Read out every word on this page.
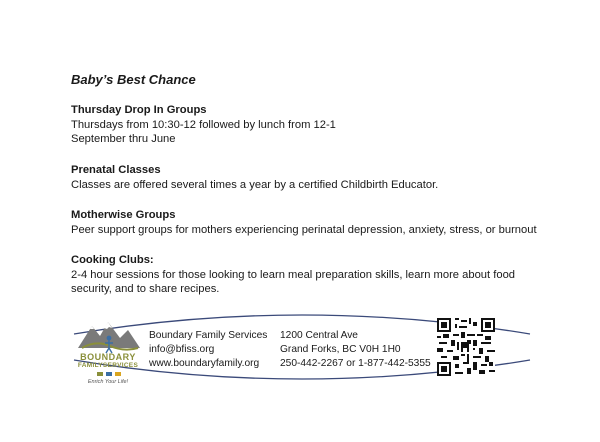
Baby’s Best Chance
Thursday Drop In Groups
Thursdays from 10:30-12 followed by lunch from 12-1
September thru June
Prenatal Classes
Classes are offered several times a year by a certified Childbirth Educator.
Motherwise Groups
Peer support groups for mothers experiencing perinatal depression, anxiety, stress, or burnout
Cooking Clubs:
2-4 hour sessions for those looking to learn meal preparation skills, learn more about food
security, and to share recipes.
BOUNDARY
FAMILYSERVICES
Enrich Your Life!
Boundary Family Services
info@bfiss.org
www.boundaryfamily.org
1200 Central Ave
Grand Forks, BC V0H 1H0
250-442-2267 or 1-877-442-5355
